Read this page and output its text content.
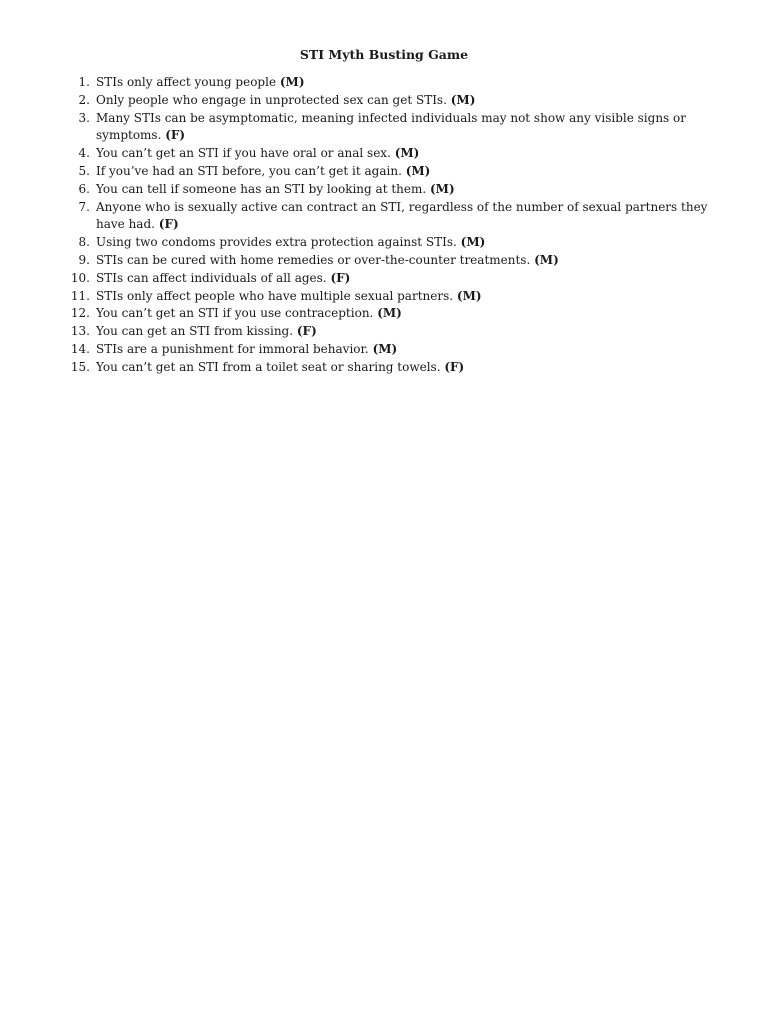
STI Myth Busting Game
1. STIs only affect young people (M)
2. Only people who engage in unprotected sex can get STIs. (M)
3. Many STIs can be asymptomatic, meaning infected individuals may not show any visible signs or symptoms. (F)
4. You can’t get an STI if you have oral or anal sex. (M)
5. If you’ve had an STI before, you can’t get it again. (M)
6. You can tell if someone has an STI by looking at them. (M)
7. Anyone who is sexually active can contract an STI, regardless of the number of sexual partners they have had. (F)
8. Using two condoms provides extra protection against STIs. (M)
9. STIs can be cured with home remedies or over-the-counter treatments. (M)
10. STIs can affect individuals of all ages. (F)
11. STIs only affect people who have multiple sexual partners. (M)
12. You can’t get an STI if you use contraception. (M)
13. You can get an STI from kissing. (F)
14. STIs are a punishment for immoral behavior. (M)
15. You can’t get an STI from a toilet seat or sharing towels. (F)
